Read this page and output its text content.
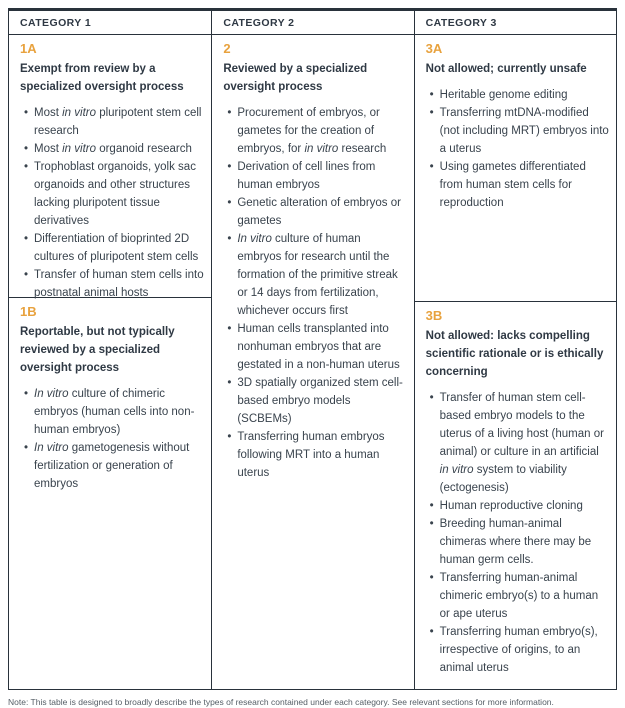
CATEGORY 1	CATEGORY 2	CATEGORY 3
1A
Exempt from review by a specialized oversight process
• Most in vitro pluripotent stem cell research
• Most in vitro organoid research
• Trophoblast organoids, yolk sac organoids and other structures lacking pluripotent tissue derivatives
• Differentiation of bioprinted 2D cultures of pluripotent stem cells
• Transfer of human stem cells into postnatal animal hosts
1B
Reportable, but not typically reviewed by a specialized oversight process
• In vitro culture of chimeric embryos (human cells into non-human embryos)
• In vitro gametogenesis without fertilization or generation of embryos
2
Reviewed by a specialized oversight process
• Procurement of embryos, or gametes for the creation of embryos, for in vitro research
• Derivation of cell lines from human embryos
• Genetic alteration of embryos or gametes
• In vitro culture of human embryos for research until the formation of the primitive streak or 14 days from fertilization, whichever occurs first
• Human cells transplanted into nonhuman embryos that are gestated in a non-human uterus
• 3D spatially organized stem cell-based embryo models (SCBEMs)
• Transferring human embryos following MRT into a human uterus
3A
Not allowed; currently unsafe
• Heritable genome editing
• Transferring mtDNA-modified (not including MRT) embryos into a uterus
• Using gametes differentiated from human stem cells for reproduction
3B
Not allowed: lacks compelling scientific rationale or is ethically concerning
• Transfer of human stem cell-based embryo models to the uterus of a living host (human or animal) or culture in an artificial in vitro system to viability (ectogenesis)
• Human reproductive cloning
• Breeding human-animal chimeras where there may be human germ cells.
• Transferring human-animal chimeric embryo(s) to a human or ape uterus
• Transferring human embryo(s), irrespective of origins, to an animal uterus

Note: This table is designed to broadly describe the types of research contained under each category. See relevant sections for more information.
